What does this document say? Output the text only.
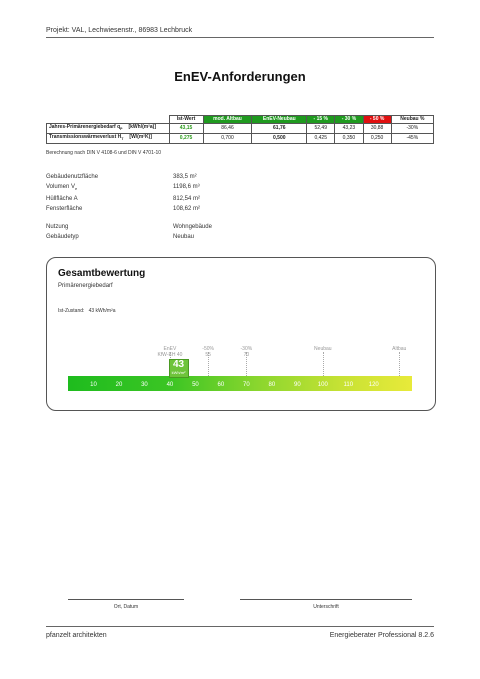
Projekt: VAL, Lechwiesenstr., 86983 Lechbruck
EnEV-Anforderungen
	Ist-Wert	mod. Altbau	EnEV-Neubau	- 15 %	- 30 %	- 50 %	Neubau %
Jahres-Primärenergiebedarf $q_P$ [kWh/(m²a)]	43,15	86,46	61,76	52,49	43,23	30,88	-30%
Transmissionswärmeverlust $H_T$ [W/(m²K)]	0,275	0,700	0,500	0,425	0,350	0,250	-45%
Berechnung nach DIN V 4108-6 und DIN V 4701-10
Gebäudenutzfläche	383,5 m²
Volumen $V_e$	1198,6 m³
Hüllfläche A	812,54 m²
Fensterfläche	108,62 m²
Nutzung	Wohngebäude
Gebäudetyp	Neubau
Gesamtbewertung
Primärenergiebedarf
Ist-Zustand: 43 kWh/m²a
EnEV
KfW-EH 40
-50%
55
-30%
70
Neubau	Altbau
10	20	30	40	50	60	70	80	90	100	110	120
43
kWh/m²
Ort, Datum	Unterschrift
pfanzelt architekten	Energieberater Professional 8.2.6
